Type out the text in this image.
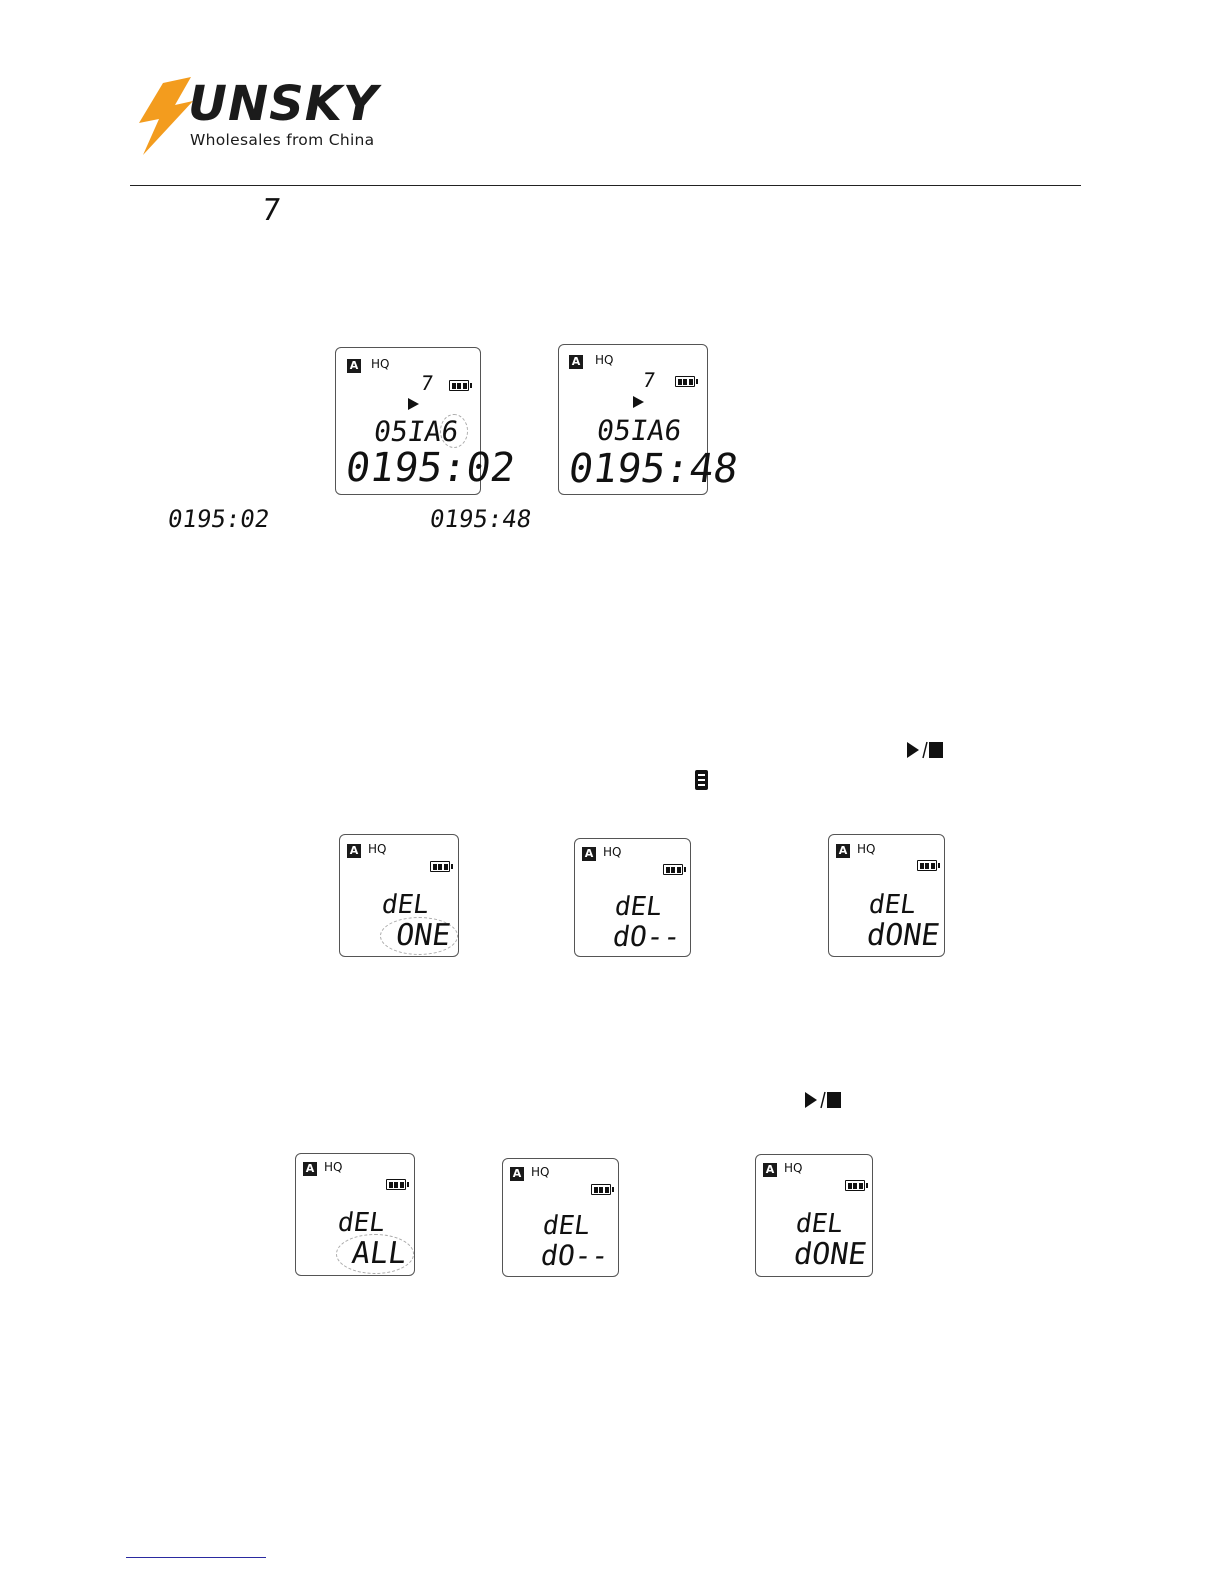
UNSKY
Wholesales from China
7
A HQ
7
05IA6
0195:02
A HQ
7
05IA6
0195:48
0195:02	0195:48
A HQ
dEL
ONE
A HQ
dEL
dO--
A HQ
dEL
dONE
A HQ
dEL
ALL
A HQ
dEL
dO--
A HQ
dEL
dONE
